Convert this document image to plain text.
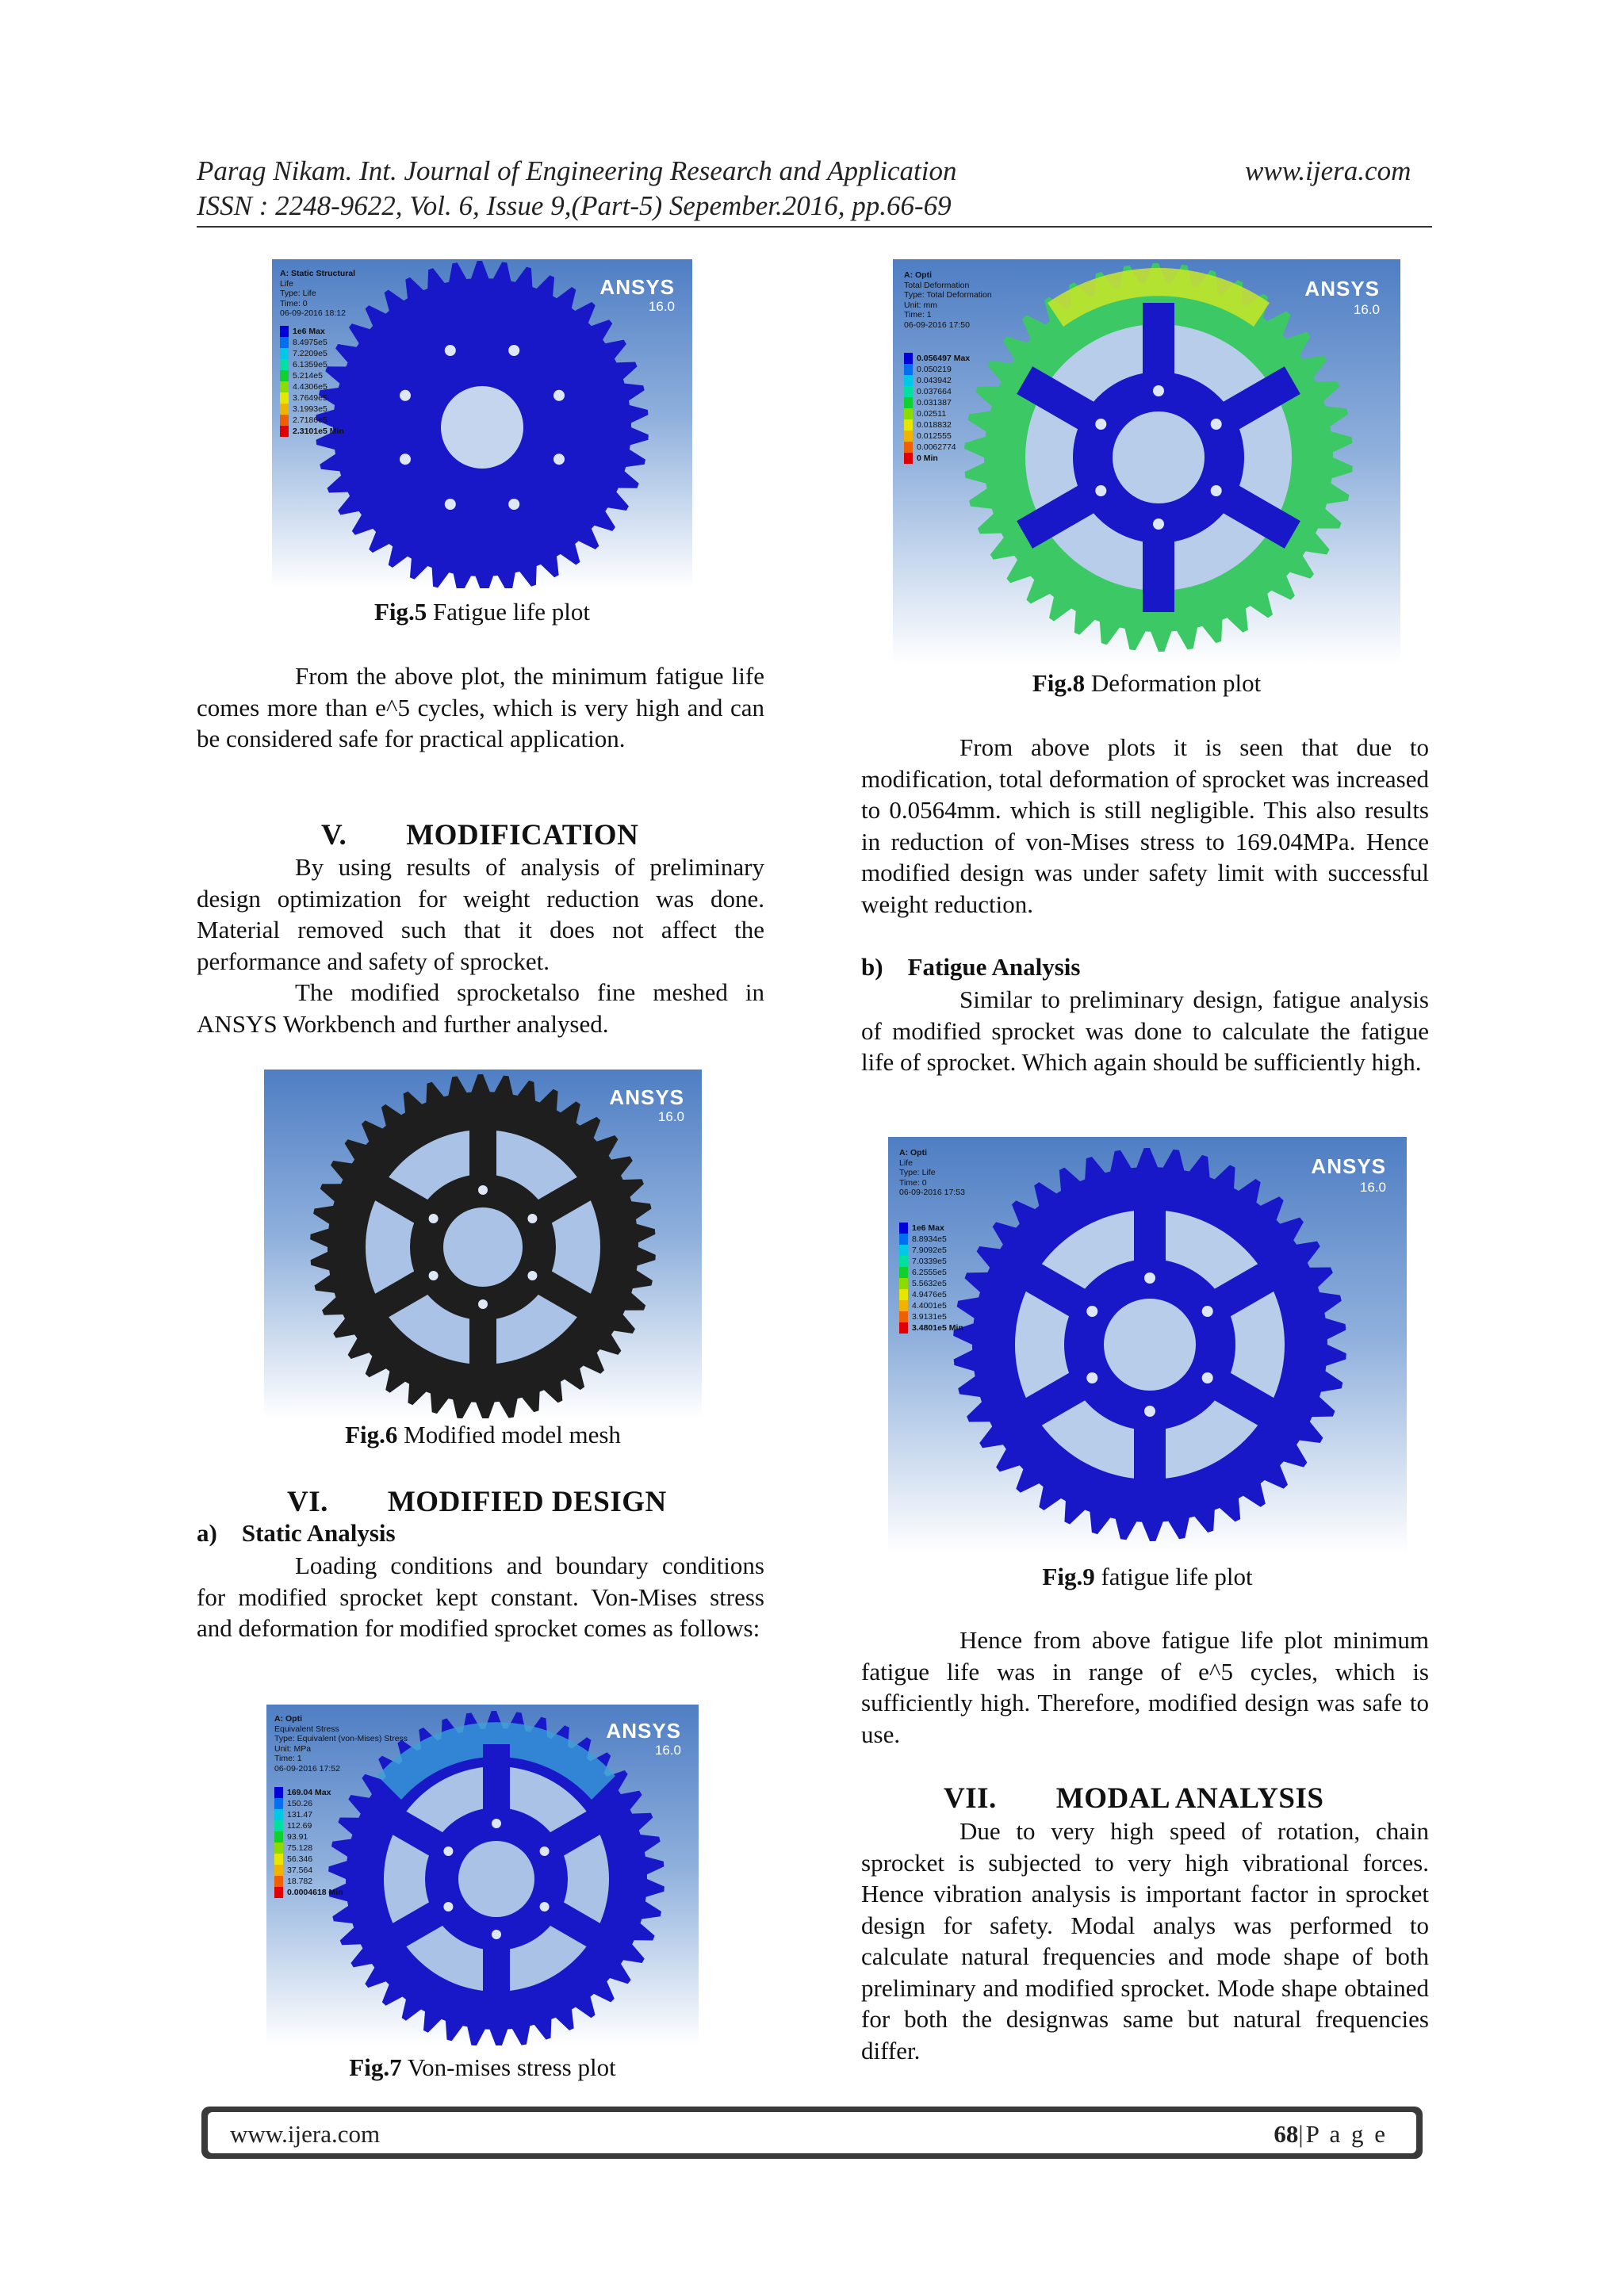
Parag Nikam. Int. Journal of Engineering Research and Application	www.ijera.com
ISSN : 2248-9622, Vol. 6, Issue 9,(Part-5) Sepember.2016, pp.66-69
ANSYS
16.0
A: Static Structural
Life
Type: Life
Time: 0
06-09-2016 18:12
1e6 Max
8.4975e5
7.2209e5
6.1359e5
5.214e5
4.4306e5
3.7649e5
3.1993e5
2.7186e5
2.3101e5 Min
Fig.5 Fatigue life plot

From the above plot, the minimum fatigue life comes more than e^5 cycles, which is very high and can be considered safe for practical application.

V.  MODIFICATION

By using results of analysis of preliminary design optimization for weight reduction was done. Material removed such that it does not affect the performance and safety of sprocket.

The modified sprocketalso fine meshed in ANSYS Workbench and further analysed.

ANSYS
16.0
Fig.6 Modified model mesh
VI.  MODIFIED DESIGN
a) Static Analysis

Loading conditions and boundary conditions for modified sprocket kept constant. Von-Mises stress and deformation for modified sprocket comes as follows:

ANSYS
16.0
A: Opti
Equivalent Stress
Type: Equivalent (von-Mises) Stress
Unit: MPa
Time: 1
06-09-2016 17:52
169.04 Max
150.26
131.47
112.69
93.91
75.128
56.346
37.564
18.782
0.0004618 Min
Fig.7 Von-mises stress plot
ANSYS
16.0
A: Opti
Total Deformation
Type: Total Deformation
Unit: mm
Time: 1
06-09-2016 17:50
0.056497 Max
0.050219
0.043942
0.037664
0.031387
0.02511
0.018832
0.012555
0.0062774
0 Min
Fig.8 Deformation plot

From above plots it is seen that due to modification, total deformation of sprocket was increased to 0.0564mm. which is still negligible. This also results in reduction of von-Mises stress to 169.04MPa. Hence modified design was under safety limit with successful weight reduction.

b) Fatigue Analysis

Similar to preliminary design, fatigue analysis of modified sprocket was done to calculate the fatigue life of sprocket. Which again should be sufficiently high.

ANSYS
16.0
A: Opti
Life
Type: Life
Time: 0
06-09-2016 17:53
1e6 Max
8.8934e5
7.9092e5
7.0339e5
6.2555e5
5.5632e5
4.9476e5
4.4001e5
3.9131e5
3.4801e5 Min
Fig.9 fatigue life plot

Hence from above fatigue life plot minimum fatigue life was in range of e^5 cycles, which is sufficiently high. Therefore, modified design was safe to use.

VII.  MODAL ANALYSIS

Due to very high speed of rotation, chain sprocket is subjected to very high vibrational forces. Hence vibration analysis is important factor in sprocket design for safety. Modal analys was performed to calculate natural frequencies and mode shape of both preliminary and modified sprocket. Mode shape obtained for both the designwas same but natural frequencies differ.

www.ijera.com	68|P a g e
